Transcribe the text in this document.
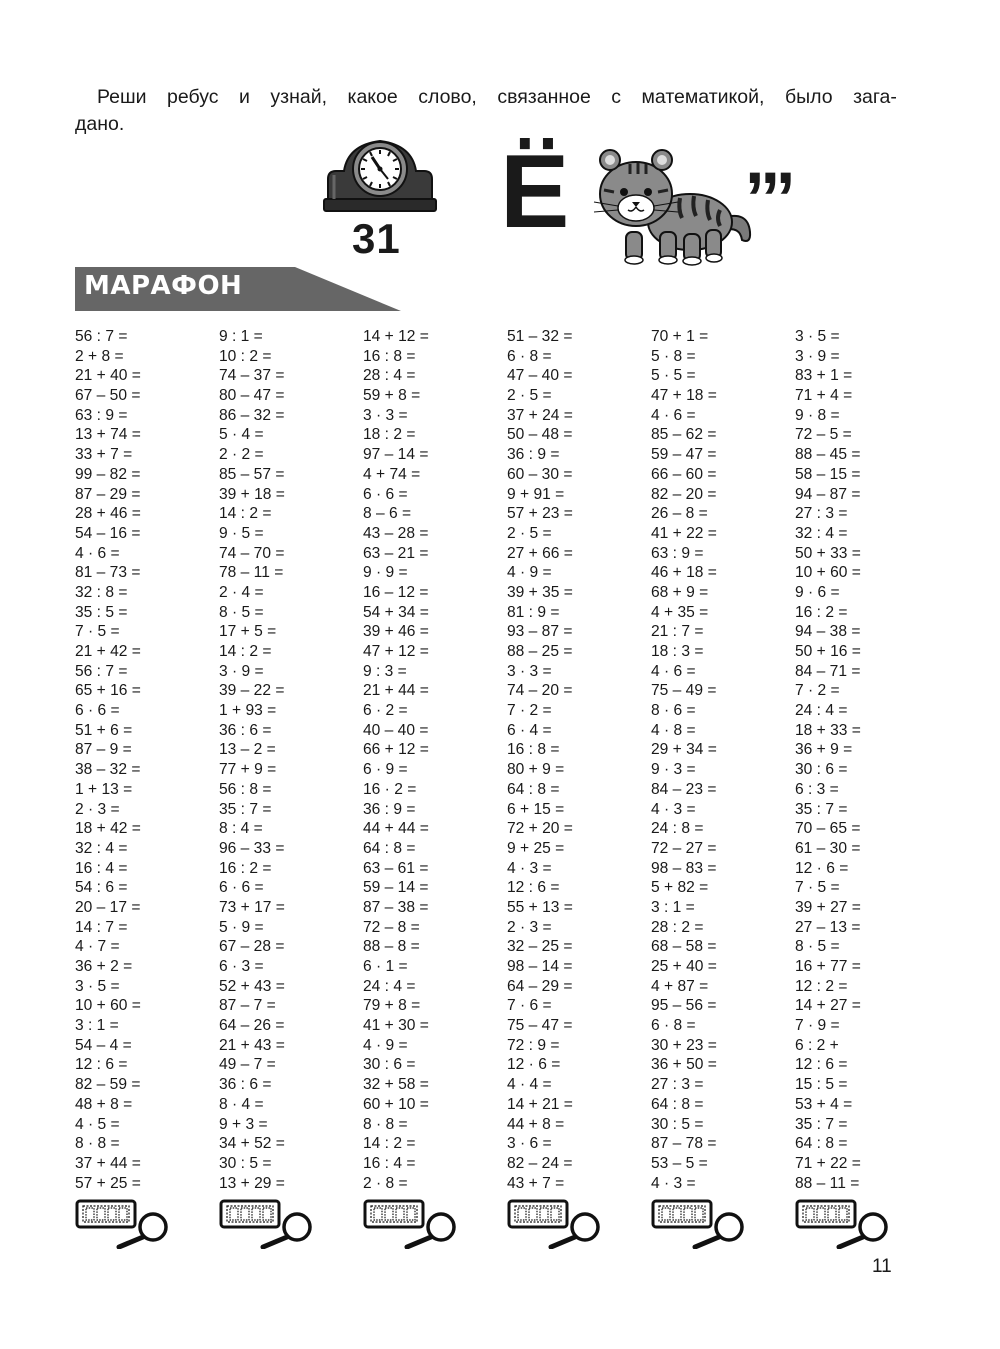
Реши ребус и узнай, какое слово, связанное с математикой, было зага-
дано.
31 Ё	,,,
МАРАФОН
56 : 7 =
2 + 8 =
21 + 40 =
67 – 50 =
63 : 9 =
13 + 74 =
33 + 7 =
99 – 82 =
87 – 29 =
28 + 46 =
54 – 16 =
4 · 6 =
81 – 73 =
32 : 8 =
35 : 5 =
7 · 5 =
21 + 42 =
56 : 7 =
65 + 16 =
6 · 6 =
51 + 6 =
87 – 9 =
38 – 32 =
1 + 13 =
2 · 3 =
18 + 42 =
32 : 4 =
16 : 4 =
54 : 6 =
20 – 17 =
14 : 7 =
4 · 7 =
36 + 2 =
3 · 5 =
10 + 60 =
3 : 1 =
54 – 4 =
12 : 6 =
82 – 59 =
48 + 8 =
4 · 5 =
8 · 8 =
37 + 44 =
57 + 25 =
9 : 1 =
10 : 2 =
74 – 37 =
80 – 47 =
86 – 32 =
5 · 4 =
2 · 2 =
85 – 57 =
39 + 18 =
14 : 2 =
9 · 5 =
74 – 70 =
78 – 11 =
2 · 4 =
8 · 5 =
17 + 5 =
14 : 2 =
3 · 9 =
39 – 22 =
1 + 93 =
36 : 6 =
13 – 2 =
77 + 9 =
56 : 8 =
35 : 7 =
8 : 4 =
96 – 33 =
16 : 2 =
6 · 6 =
73 + 17 =
5 · 9 =
67 – 28 =
6 · 3 =
52 + 43 =
87 – 7 =
64 – 26 =
21 + 43 =
49 – 7 =
36 : 6 =
8 · 4 =
9 + 3 =
34 + 52 =
30 : 5 =
13 + 29 =
14 + 12 =
16 : 8 =
28 : 4 =
59 + 8 =
3 · 3 =
18 : 2 =
97 – 14 =
4 + 74 =
6 · 6 =
8 – 6 =
43 – 28 =
63 – 21 =
9 · 9 =
16 – 12 =
54 + 34 =
39 + 46 =
47 + 12 =
9 : 3 =
21 + 44 =
6 · 2 =
40 – 40 =
66 + 12 =
6 · 9 =
16 · 2 =
36 : 9 =
44 + 44 =
64 : 8 =
63 – 61 =
59 – 14 =
87 – 38 =
72 – 8 =
88 – 8 =
6 · 1 =
24 : 4 =
79 + 8 =
41 + 30 =
4 · 9 =
30 : 6 =
32 + 58 =
60 + 10 =
8 · 8 =
14 : 2 =
16 : 4 =
2 · 8 =
51 – 32 =
6 · 8 =
47 – 40 =
2 · 5 =
37 + 24 =
50 – 48 =
36 : 9 =
60 – 30 =
9 + 91 =
57 + 23 =
2 · 5 =
27 + 66 =
4 · 9 =
39 + 35 =
81 : 9 =
93 – 87 =
88 – 25 =
3 · 3 =
74 – 20 =
7 · 2 =
6 · 4 =
16 : 8 =
80 + 9 =
64 : 8 =
6 + 15 =
72 + 20 =
9 + 25 =
4 · 3 =
12 : 6 =
55 + 13 =
2 · 3 =
32 – 25 =
98 – 14 =
64 – 29 =
7 · 6 =
75 – 47 =
72 : 9 =
12 · 6 =
4 · 4 =
14 + 21 =
44 + 8 =
3 · 6 =
82 – 24 =
43 + 7 =
70 + 1 =
5 · 8 =
5 · 5 =
47 + 18 =
4 · 6 =
85 – 62 =
59 – 47 =
66 – 60 =
82 – 20 =
26 – 8 =
41 + 22 =
63 : 9 =
46 + 18 =
68 + 9 =
4 + 35 =
21 : 7 =
18 : 3 =
4 · 6 =
75 – 49 =
8 · 6 =
4 · 8 =
29 + 34 =
9 · 3 =
84 – 23 =
4 · 3 =
24 : 8 =
72 – 27 =
98 – 83 =
5 + 82 =
3 : 1 =
28 : 2 =
68 – 58 =
25 + 40 =
4 + 87 =
95 – 56 =
6 · 8 =
30 + 23 =
36 + 50 =
27 : 3 =
64 : 8 =
30 : 5 =
87 – 78 =
53 – 5 =
4 · 3 =
3 · 5 =
3 · 9 =
83 + 1 =
71 + 4 =
9 · 8 =
72 – 5 =
88 – 45 =
58 – 15 =
94 – 87 =
27 : 3 =
32 : 4 =
50 + 33 =
10 + 60 =
9 · 6 =
16 : 2 =
94 – 38 =
50 + 16 =
84 – 71 =
7 · 2 =
24 : 4 =
18 + 33 =
36 + 9 =
30 : 6 =
6 : 3 =
35 : 7 =
70 – 65 =
61 – 30 =
12 · 6 =
7 · 5 =
39 + 27 =
27 – 13 =
8 · 5 =
16 + 77 =
12 : 2 =
14 + 27 =
7 · 9 =
6 : 2 +
12 : 6 =
15 : 5 =
53 + 4 =
35 : 7 =
64 : 8 =
71 + 22 =
88 – 11 =
11
